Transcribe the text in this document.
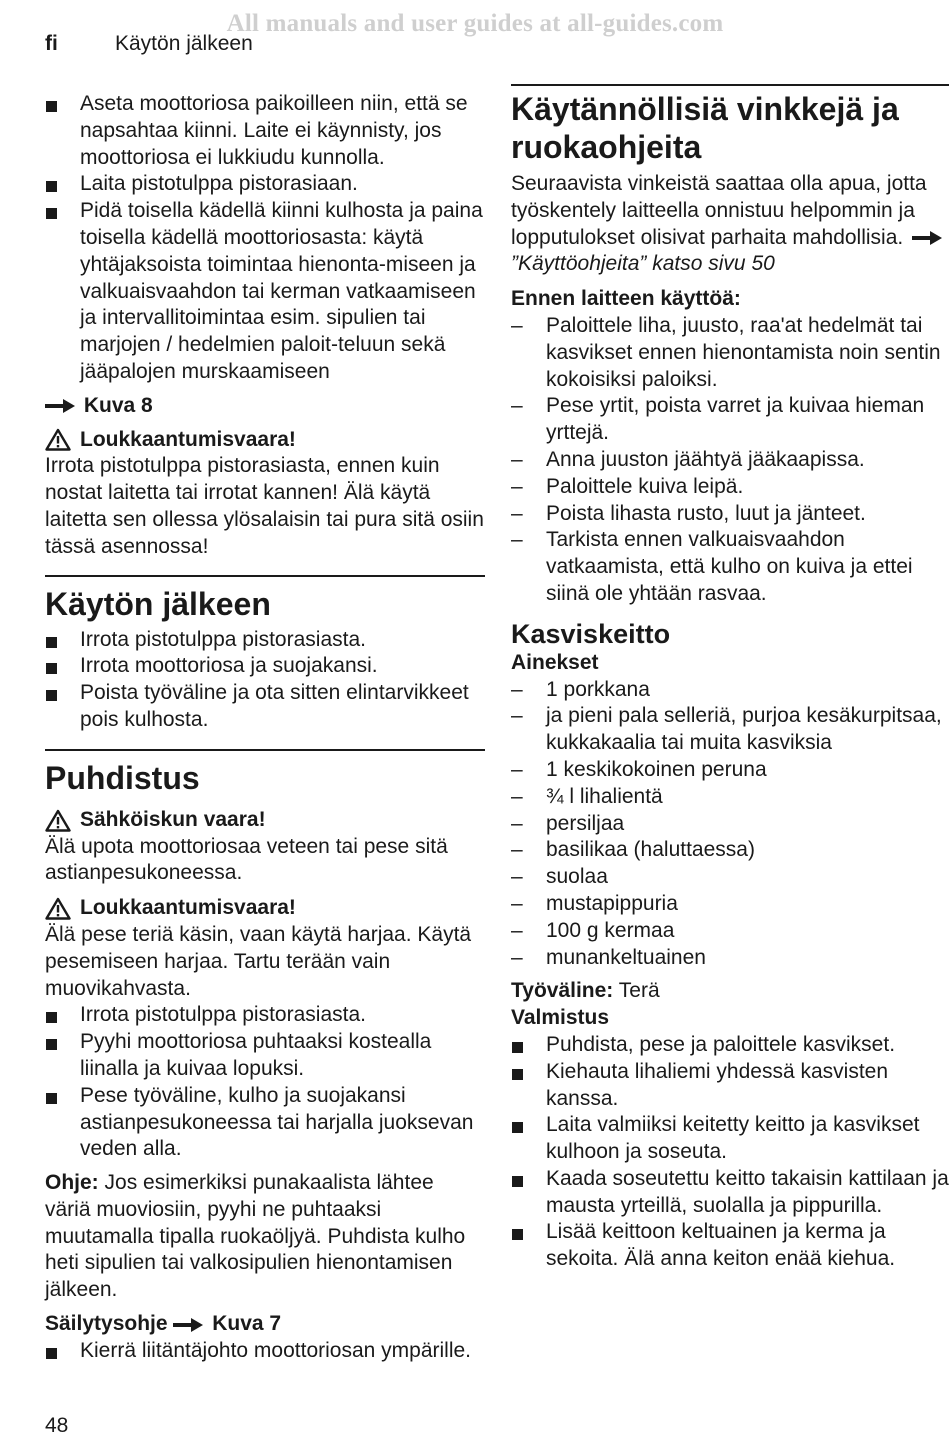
All manuals and user guides at all-guides.com
fi	Käytön jälkeen
Aseta moottoriosa paikoilleen niin, että se napsahtaa kiinni. Laite ei käynnisty, jos moottoriosa ei lukkiudu kunnolla.
Laita pistotulppa pistorasiaan.
Pidä toisella kädellä kiinni kulhosta ja paina toisella kädellä moottoriosasta: käytä yhtäjaksoista toimintaa hienonta-miseen ja valkuaisvaahdon tai kerman vatkaamiseen ja intervallitoimintaa esim. sipulien tai marjojen / hedelmien paloit-teluun sekä jääpalojen murskaamiseen

Kuva 8

Loukkaantumisvaara!

Irrota pistotulppa pistorasiasta, ennen kuin nostat laitetta tai irrotat kannen! Älä käytä laitetta sen ollessa ylösalaisin tai pura sitä osiin tässä asennossa!

Käytön jälkeen
Irrota pistotulppa pistorasiasta.
Irrota moottoriosa ja suojakansi.
Poista työväline ja ota sitten elintarvikkeet pois kulhosta.
Puhdistus

Sähköiskun vaara!

Älä upota moottoriosaa veteen tai pese sitä astianpesukoneessa.

Loukkaantumisvaara!

Älä pese teriä käsin, vaan käytä harjaa. Käytä pesemiseen harjaa. Tartu terään vain muovikahvasta.

Irrota pistotulppa pistorasiasta.
Pyyhi moottoriosa puhtaaksi kostealla liinalla ja kuivaa lopuksi.
Pese työväline, kulho ja suojakansi astianpesukoneessa tai harjalla juoksevan veden alla.

Ohje: Jos esimerkiksi punakaalista lähtee väriä muoviosiin, pyyhi ne puhtaaksi muutamalla tipalla ruokaöljyä. Puhdista kulho heti sipulien tai valkosipulien hienontamisen jälkeen.

Säilytysohje Kuva 7

Kierrä liitäntäjohto moottoriosan ympärille.
Käytännöllisiä vinkkejä ja ruokaohjeita

Seuraavista vinkeistä saattaa olla apua, jotta työskentely laitteella onnistuu helpommin ja lopputulokset olisivat parhaita mahdollisia.  ”Käyttöohjeita” katso sivu 50

Ennen laitteen käyttöä:

– Paloittele liha, juusto, raa'at hedelmät tai kasvikset ennen hienontamista noin sentin kokoisiksi paloiksi.
– Pese yrtit, poista varret ja kuivaa hieman yrttejä.
– Anna juuston jäähtyä jääkaapissa.
– Paloittele kuiva leipä.
– Poista lihasta rusto, luut ja jänteet.
– Tarkista ennen valkuaisvaahdon vatkaamista, että kulho on kuiva ja ettei siinä ole yhtään rasvaa.
Kasviskeitto

Ainekset

– 1 porkkana
– ja pieni pala selleriä, purjoa kesäkurpitsaa, kukkakaalia tai muita kasviksia
– 1 keskikokoinen peruna
– ¾ l lihalientä
– persiljaa
– basilikaa (haluttaessa)
– suolaa
– mustapippuria
– 100 g kermaa
– munankeltuainen

Työväline: Terä

Valmistus

Puhdista, pese ja paloittele kasvikset.
Kiehauta lihaliemi yhdessä kasvisten kanssa.
Laita valmiiksi keitetty keitto ja kasvikset kulhoon ja soseuta.
Kaada soseutettu keitto takaisin kattilaan ja mausta yrteillä, suolalla ja pippurilla.
Lisää keittoon keltuainen ja kerma ja sekoita. Älä anna keiton enää kiehua.
48
